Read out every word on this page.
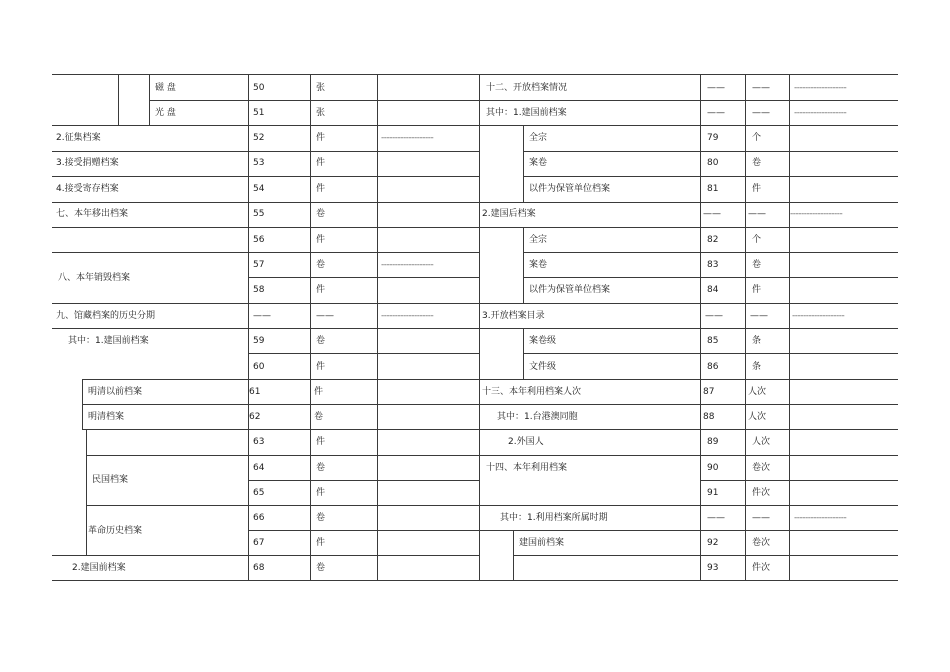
磁 盘	50	张
光 盘	51	张
2.征集档案	52	件	-------------------
3.接受捐赠档案	53	件
4.接受寄存档案	54	件
七、本年移出档案	55	卷
56	件
八、本年销毁档案
57	卷	-------------------
58	件
九、馆藏档案的历史分期	——	——	-------------------
其中：1.建国前档案	59	卷
60	件
明清以前档案	61	件
明清档案	62	卷
63	件
民国档案
64	卷
65	件
革命历史档案
66	卷
67	件
2.建国前档案	68	卷
十二、开放档案情况	——	——	-------------------
其中：1.建国前档案	——	——	-------------------
全宗	79	个
案卷	80	卷
以件为保管单位档案	81	件
2.建国后档案	——	——	-------------------
全宗	82	个
案卷	83	卷
以件为保管单位档案	84	件
3.开放档案目录	——	——	-------------------
案卷级	85	条
文件级	86	条
十三、本年利用档案人次	87	人次
其中：1.台港澳同胞	88	人次
2.外国人	89	人次
十四、本年利用档案	90	卷次
91	件次
其中：1.利用档案所属时期	——	——	-------------------
建国前档案	92	卷次
93	件次
